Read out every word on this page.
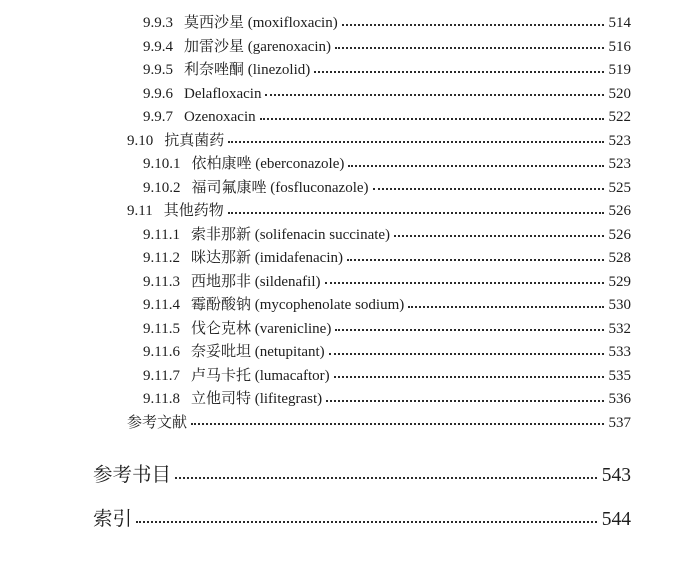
9.9.3 莫西沙星 (moxifloxacin)	514
9.9.4 加雷沙星 (garenoxacin)	516
9.9.5 利奈唑酮 (linezolid)	519
9.9.6 Delafloxacin	520
9.9.7 Ozenoxacin	522
9.10 抗真菌药	523
9.10.1 依柏康唑 (eberconazole)	523
9.10.2 福司氟康唑 (fosfluconazole)	525
9.11 其他药物	526
9.11.1 索非那新 (solifenacin succinate)	526
9.11.2 咪达那新 (imidafenacin)	528
9.11.3 西地那非 (sildenafil)	529
9.11.4 霉酚酸钠 (mycophenolate sodium)	530
9.11.5 伐仑克林 (varenicline)	532
9.11.6 奈妥吡坦 (netupitant)	533
9.11.7 卢马卡托 (lumacaftor)	535
9.11.8 立他司特 (lifitegrast)	536
参考文献	537
参考书目	543
索引	544
